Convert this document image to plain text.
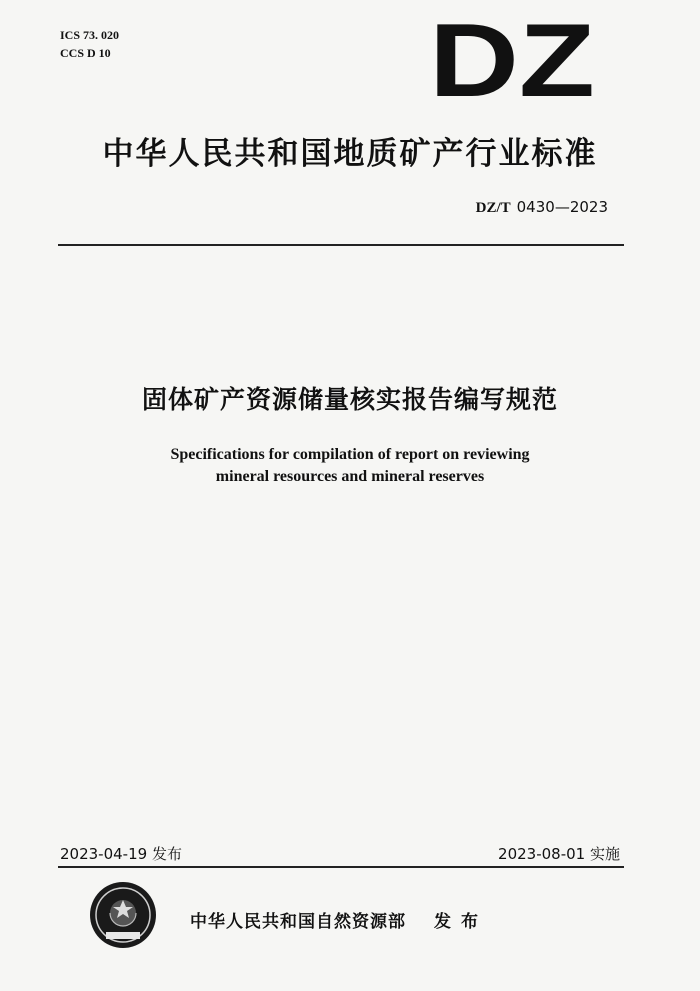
ICS 73. 020
CCS D 10	DZ
中华人民共和国地质矿产行业标准
DZ/T 0430—2023
固体矿产资源储量核实报告编写规范
Specifications for compilation of report on reviewing
mineral resources and mineral reserves
2023-04-19 发布	2023-08-01 实施
中华人民共和国自然资源部 发布
